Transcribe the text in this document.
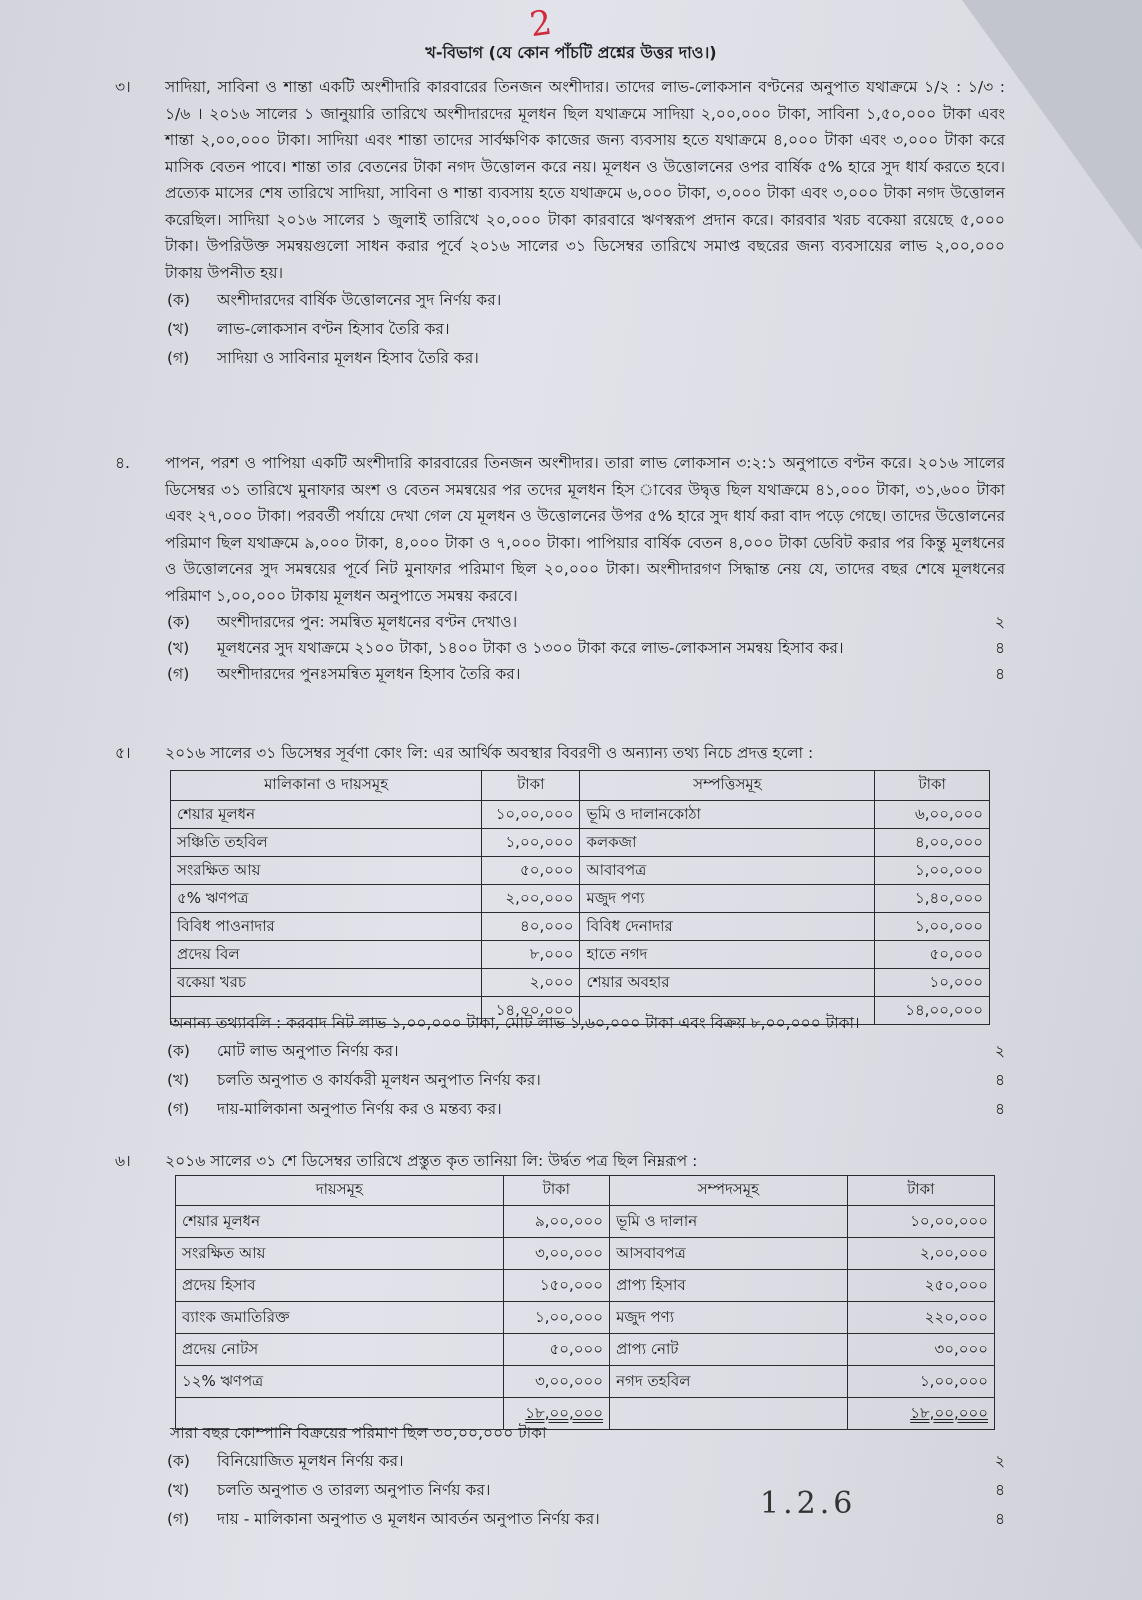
2
খ-বিভাগ (যে কোন পাঁচটি প্রশ্নের উত্তর দাও।)
৩। সাদিয়া, সাবিনা ও শান্তা একটি অংশীদারি কারবারের তিনজন অংশীদার। তাদের লাভ-লোকসান বণ্টনের অনুপাত যথাক্রমে ১/২ : ১/৩ : ১/৬ । ২০১৬ সালের ১ জানুয়ারি তারিখে অংশীদারদের মূলধন ছিল যথাক্রমে সাদিয়া ২,০০,০০০ টাকা, সাবিনা ১,৫০,০০০ টাকা এবং শান্তা ২,০০,০০০ টাকা। সাদিয়া এবং শান্তা তাদের সার্বক্ষণিক কাজের জন্য ব্যবসায় হতে যথাক্রমে ৪,০০০ টাকা এবং ৩,০০০ টাকা করে মাসিক বেতন পাবে। শান্তা তার বেতনের টাকা নগদ উত্তোলন করে নয়। মূলধন ও উত্তোলনের ওপর বার্ষিক ৫% হারে সুদ ধার্য করতে হবে। প্রত্যেক মাসের শেষ তারিখে সাদিয়া, সাবিনা ও শান্তা ব্যবসায় হতে যথাক্রমে ৬,০০০ টাকা, ৩,০০০ টাকা এবং ৩,০০০ টাকা নগদ উত্তোলন করেছিল। সাদিয়া ২০১৬ সালের ১ জুলাই তারিখে ২০,০০০ টাকা কারবারে ঋণস্বরূপ প্রদান করে। কারবার খরচ বকেয়া রয়েছে ৫,০০০ টাকা। উপরিউক্ত সমন্বয়গুলো সাধন করার পূর্বে ২০১৬ সালের ৩১ ডিসেম্বর তারিখে সমাপ্ত বছরের জন্য ব্যবসায়ের লাভ ২,০০,০০০ টাকায় উপনীত হয়।
(ক)	অংশীদারদের বার্ষিক উত্তোলনের সুদ নির্ণয় কর।
(খ)	লাভ-লোকসান বণ্টন হিসাব তৈরি কর।
(গ)	সাদিয়া ও সাবিনার মূলধন হিসাব তৈরি কর।
৪. পাপন, পরশ ও পাপিয়া একটি অংশীদারি কারবারের তিনজন অংশীদার। তারা লাভ লোকসান ৩:২:১ অনুপাতে বণ্টন করে। ২০১৬ সালের ডিসেম্বর ৩১ তারিখে মুনাফার অংশ ও বেতন সমন্বয়ের পর তদের মূলধন হিস াবের উদ্বৃত্ত ছিল যথাক্রমে ৪১,০০০ টাকা, ৩১,৬০০ টাকা এবং ২৭,০০০ টাকা। পরবর্তী পর্যায়ে দেখা গেল যে মূলধন ও উত্তোলনের উপর ৫% হারে সুদ ধার্য করা বাদ পড়ে গেছে। তাদের উত্তোলনের পরিমাণ ছিল যথাক্রমে ৯,০০০ টাকা, ৪,০০০ টাকা ও ৭,০০০ টাকা। পাপিয়ার বার্ষিক বেতন ৪,০০০ টাকা ডেবিট করার পর কিন্তু মূলধনের ও উত্তোলনের সুদ সমন্বয়ের পূর্বে নিট মুনাফার পরিমাণ ছিল ২০,০০০ টাকা। অংশীদারগণ সিদ্ধান্ত নেয় যে, তাদের বছর শেষে মূলধনের পরিমাণ ১,০০,০০০ টাকায় মূলধন অনুপাতে সমন্বয় করবে।
(ক)	অংশীদারদের পুন: সমন্বিত মূলধনের বণ্টন দেখাও।	২
(খ)	মূলধনের সুদ যথাক্রমে ২১০০ টাকা, ১৪০০ টাকা ও ১৩০০ টাকা করে লাভ-লোকসান সমন্বয় হিসাব কর।	৪
(গ)	অংশীদারদের পুনঃসমন্বিত মূলধন হিসাব তৈরি কর।	৪
৫। ২০১৬ সালের ৩১ ডিসেম্বর সূর্বণা কোং লি: এর আর্থিক অবস্থার বিবরণী ও অন্যান্য তথ্য নিচে প্রদত্ত হলো :
মালিকানা ও দায়সমূহ	টাকা	সম্পত্তিসমূহ	টাকা
শেয়ার মূলধন	১০,০০,০০০	ভূমি ও দালানকোঠা	৬,০০,০০০
সঞ্চিতি তহবিল	১,০০,০০০	কলকজা	৪,০০,০০০
সংরক্ষিত আয়	৫০,০০০	আবাবপত্র	১,০০,০০০
৫% ঋণপত্র	২,০০,০০০	মজুদ পণ্য	১,৪০,০০০
বিবিধ পাওনাদার	৪০,০০০	বিবিধ দেনাদার	১,০০,০০০
প্রদেয় বিল	৮,০০০	হাতে নগদ	৫০,০০০
বকেয়া খরচ	২,০০০	শেয়ার অবহার	১০,০০০
	১৪,০০,০০০		১৪,০০,০০০
অনান্য তথ্যাবলি : করবাদ নিট লাভ ১,০০,০০০ টাকা, মোট লাভ ১,৬০,০০০ টাকা এবং বিক্রয় ৮,০০,০০০ টাকা।
(ক)	মোট লাভ অনুপাত নির্ণয় কর।	২
(খ)	চলতি অনুপাত ও কার্যকরী মূলধন অনুপাত নির্ণয় কর।	৪
(গ)	দায়-মালিকানা অনুপাত নির্ণয় কর ও মন্তব্য কর।	৪
৬। ২০১৬ সালের ৩১ শে ডিসেম্বর তারিখে প্রস্তুত কৃত তানিয়া লি: উর্দ্বত পত্র ছিল নিম্নরূপ :
দায়সমূহ	টাকা	সম্পদসমূহ	টাকা
শেয়ার মূলধন	৯,০০,০০০	ভূমি ও দালান	১০,০০,০০০
সংরক্ষিত আয়	৩,০০,০০০	আসবাবপত্র	২,০০,০০০
প্রদেয় হিসাব	১৫০,০০০	প্রাপ্য হিসাব	২৫০,০০০
ব্যাংক জমাতিরিক্ত	১,০০,০০০	মজুদ পণ্য	২২০,০০০
প্রদেয় নোটস	৫০,০০০	প্রাপ্য নোট	৩০,০০০
১২% ঋণপত্র	৩,০০,০০০	নগদ তহবিল	১,০০,০০০
	১৮,০০,০০০		১৮,০০,০০০
সারা বছর কোম্পানি বিক্রয়ের পরিমাণ ছিল ৩০,০০,০০০ টাকা
(ক)	বিনিয়োজিত মূলধন নির্ণয় কর।	২
(খ)	চলতি অনুপাত ও তারল্য অনুপাত নির্ণয় কর।	৪
(গ)	দায় - মালিকানা অনুপাত ও মূলধন আবর্তন অনুপাত নির্ণয় কর।	৪
1.2.6
